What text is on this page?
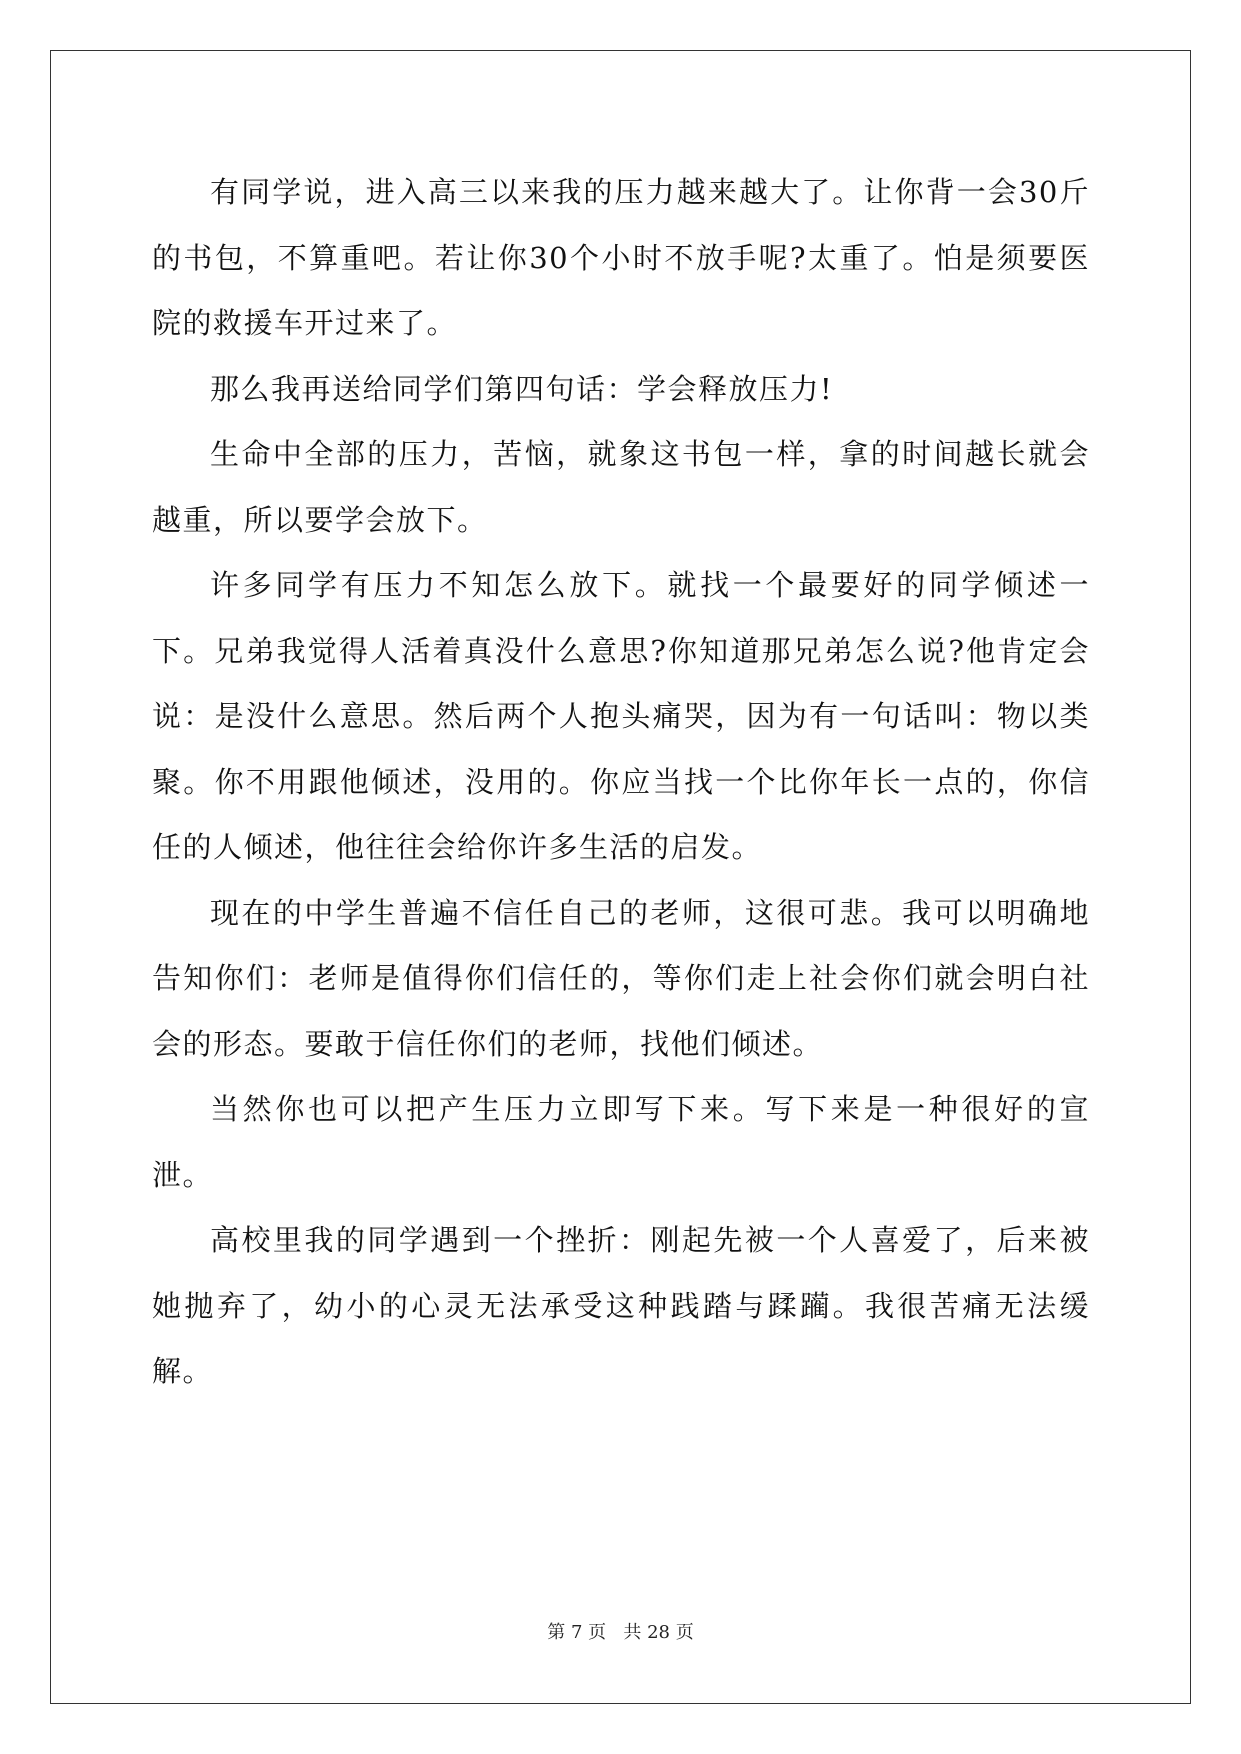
有同学说，进入高三以来我的压力越来越大了。让你背一会30斤的书包，不算重吧。若让你30个小时不放手呢?太重了。怕是须要医院的救援车开过来了。

那么我再送给同学们第四句话：学会释放压力!

生命中全部的压力，苦恼，就象这书包一样，拿的时间越长就会越重，所以要学会放下。

许多同学有压力不知怎么放下。就找一个最要好的同学倾述一下。兄弟我觉得人活着真没什么意思?你知道那兄弟怎么说?他肯定会说：是没什么意思。然后两个人抱头痛哭，因为有一句话叫：物以类聚。你不用跟他倾述，没用的。你应当找一个比你年长一点的，你信任的人倾述，他往往会给你许多生活的启发。

现在的中学生普遍不信任自己的老师，这很可悲。我可以明确地告知你们：老师是值得你们信任的，等你们走上社会你们就会明白社会的形态。要敢于信任你们的老师，找他们倾述。

当然你也可以把产生压力立即写下来。写下来是一种很好的宣泄。

高校里我的同学遇到一个挫折：刚起先被一个人喜爱了，后来被她抛弃了，幼小的心灵无法承受这种践踏与蹂躏。我很苦痛无法缓解。

第 7 页   共 28 页
